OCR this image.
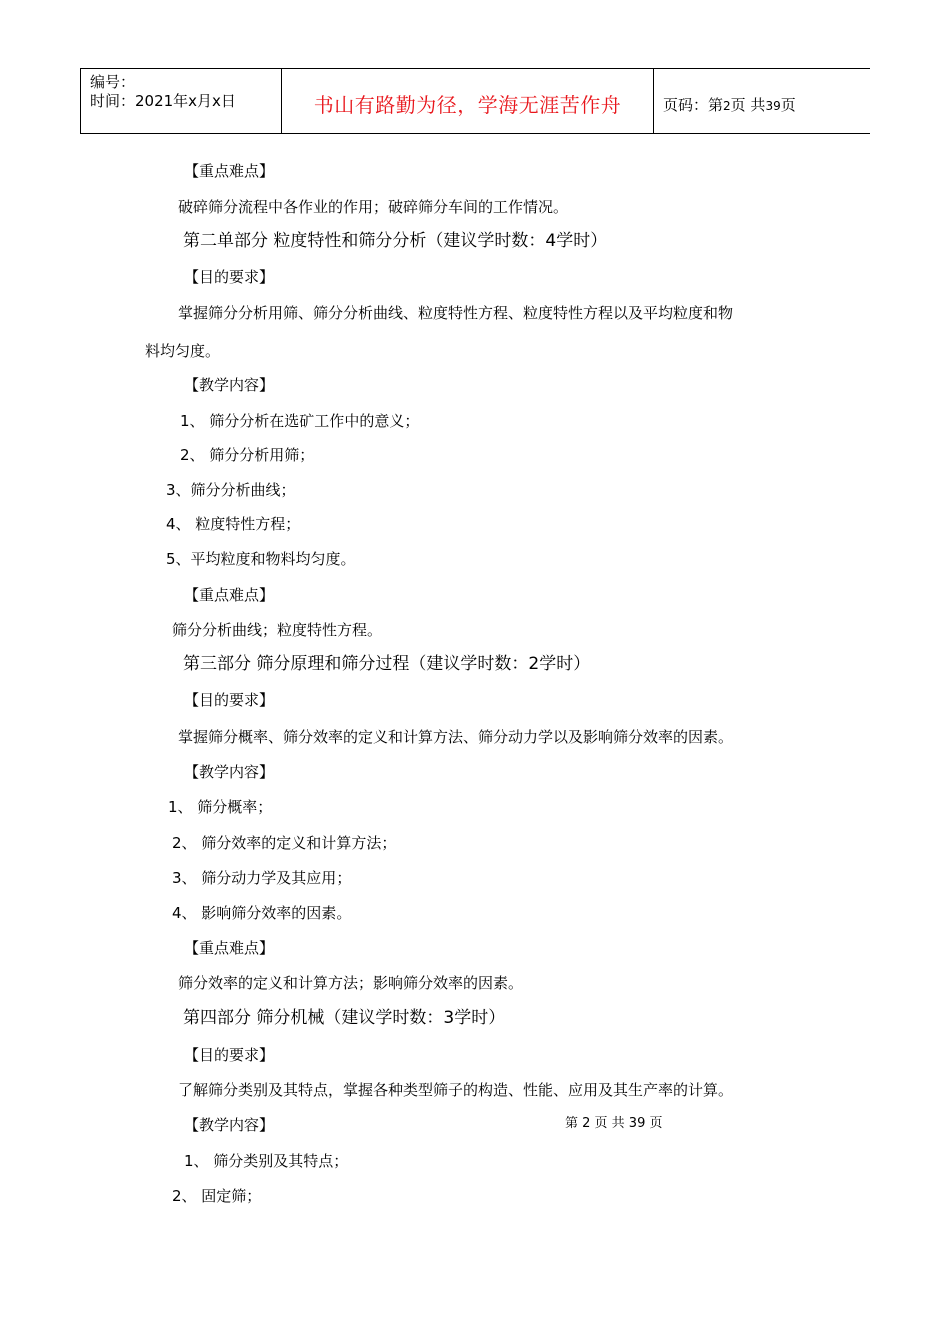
编号：
时间：2021年x月x日	书山有路勤为径，学海无涯苦作舟	页码：第2页 共39页
【重点难点】
破碎筛分流程中各作业的作用；破碎筛分车间的工作情况。
第二单部分 粒度特性和筛分分析（建议学时数：4学时）
【目的要求】
掌握筛分分析用筛、筛分分析曲线、粒度特性方程、粒度特性方程以及平均粒度和物
料均匀度。
【教学内容】
1、 筛分分析在选矿工作中的意义；
2、 筛分分析用筛；
3、筛分分析曲线；
4、 粒度特性方程；
5、平均粒度和物料均匀度。
【重点难点】
筛分分析曲线；粒度特性方程。
第三部分 筛分原理和筛分过程（建议学时数：2学时）
【目的要求】
掌握筛分概率、筛分效率的定义和计算方法、筛分动力学以及影响筛分效率的因素。
【教学内容】
1、 筛分概率；
2、 筛分效率的定义和计算方法；
3、 筛分动力学及其应用；
4、 影响筛分效率的因素。
【重点难点】
筛分效率的定义和计算方法；影响筛分效率的因素。
第四部分 筛分机械（建议学时数：3学时）
【目的要求】
了解筛分类别及其特点，掌握各种类型筛子的构造、性能、应用及其生产率的计算。
【教学内容】	第 2 页 共 39 页
1、 筛分类别及其特点；
2、 固定筛；
